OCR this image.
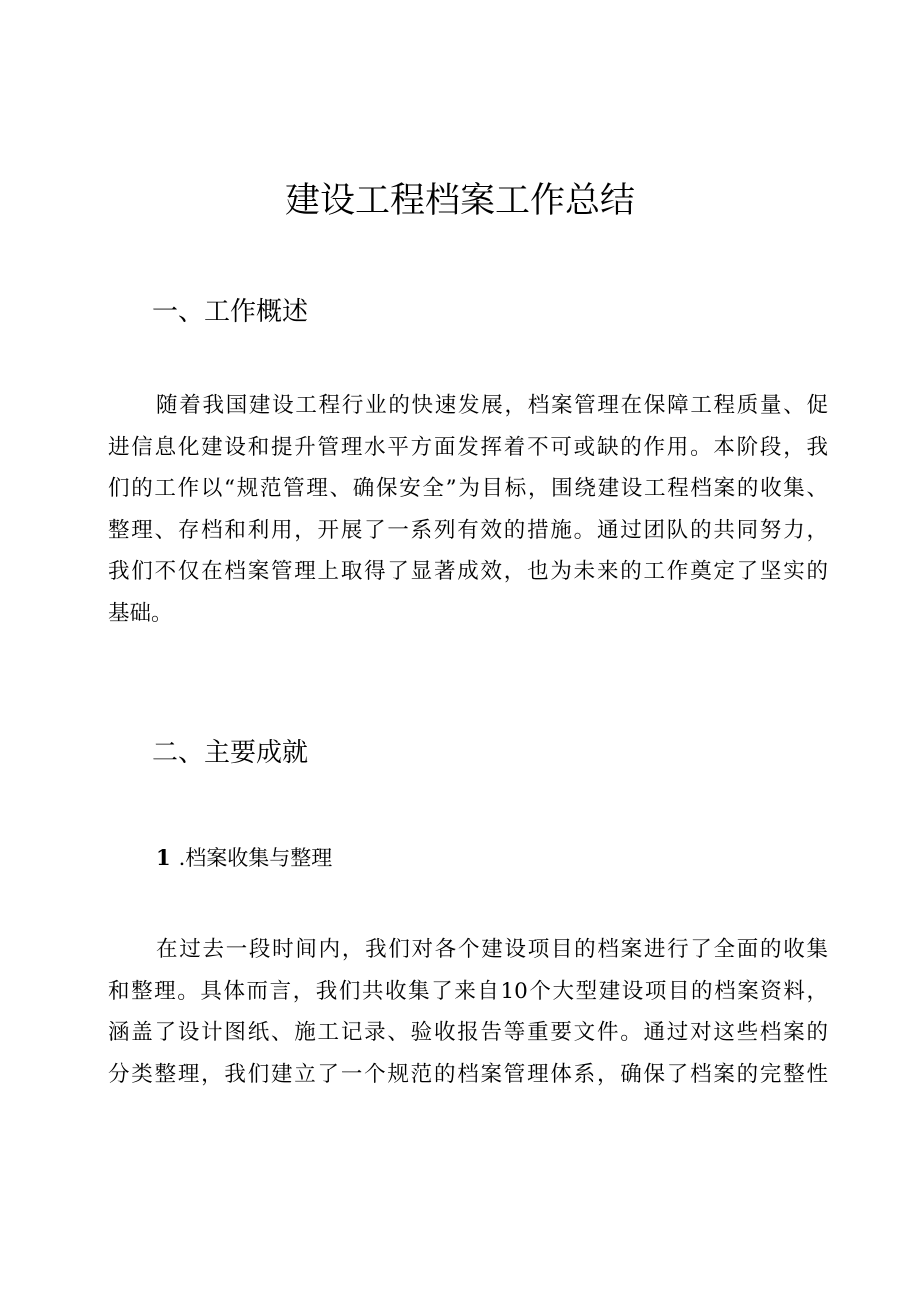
建设工程档案工作总结
一、工作概述
随着我国建设工程行业的快速发展，档案管理在保障工程质量、促
进信息化建设和提升管理水平方面发挥着不可或缺的作用。本阶段，我
们的工作以“规范管理、确保安全”为目标，围绕建设工程档案的收集、
整理、存档和利用，开展了一系列有效的措施。通过团队的共同努力，
我们不仅在档案管理上取得了显著成效，也为未来的工作奠定了坚实的
基础。
二、主要成就
1 .档案收集与整理
在过去一段时间内，我们对各个建设项目的档案进行了全面的收集
和整理。具体而言，我们共收集了来自10个大型建设项目的档案资料，
涵盖了设计图纸、施工记录、验收报告等重要文件。通过对这些档案的
分类整理，我们建立了一个规范的档案管理体系，确保了档案的完整性
